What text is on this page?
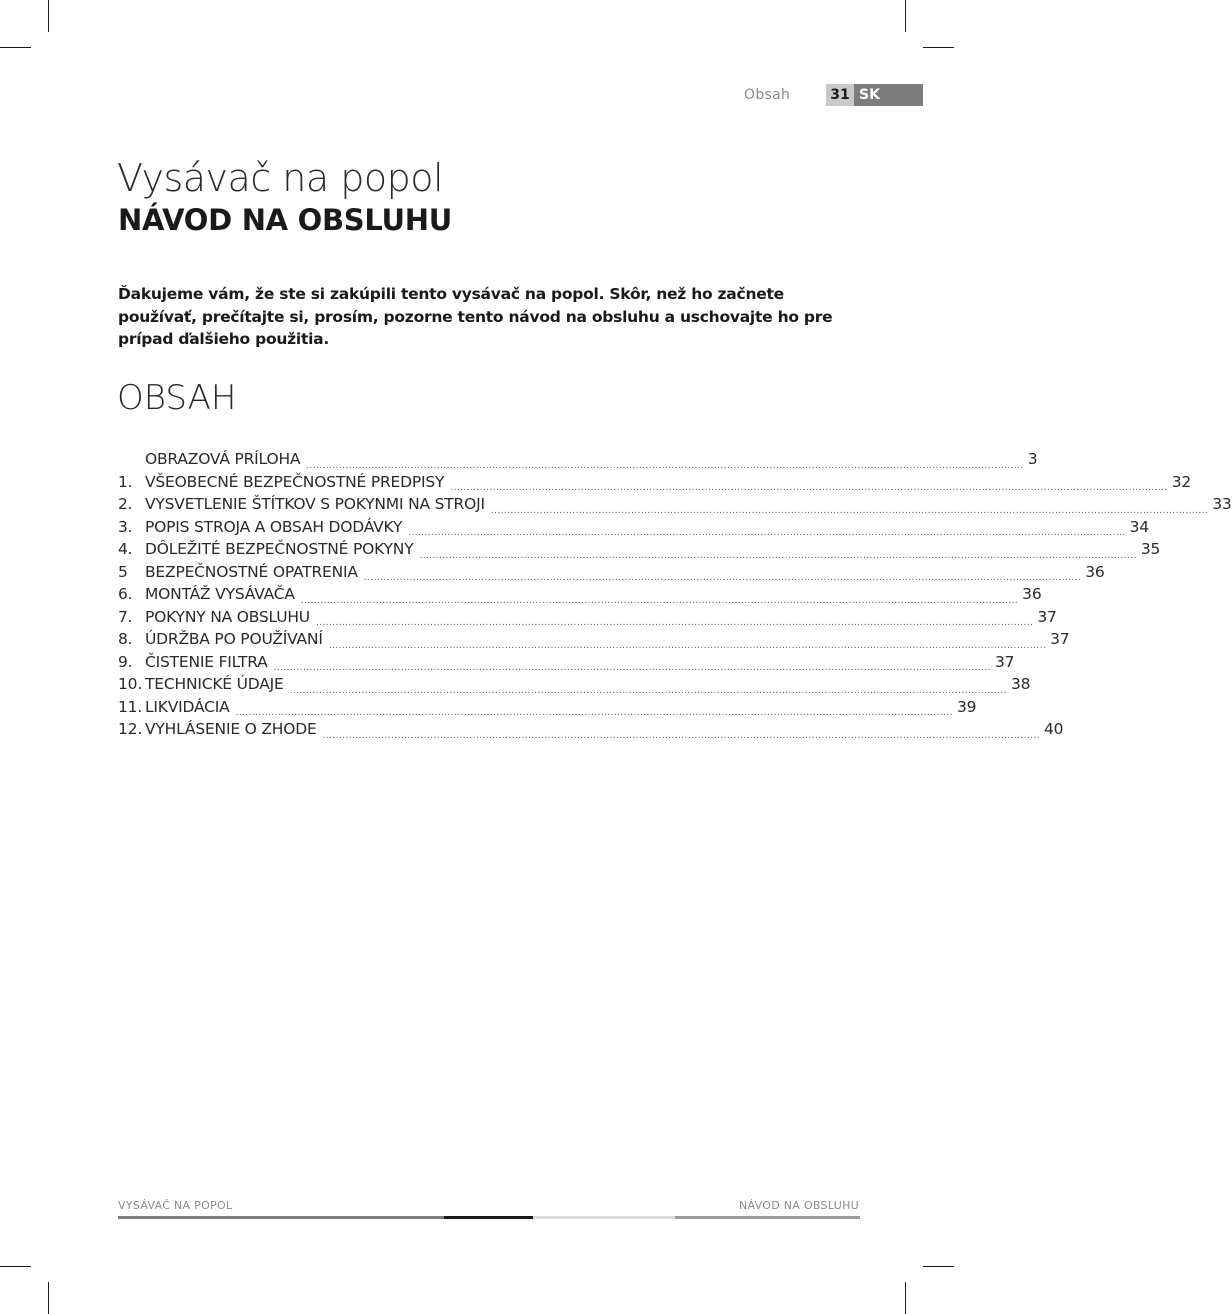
Obsah	31 SK
Vysávač na popol
NÁVOD NA OBSLUHU
Ďakujeme vám, že ste si zakúpili tento vysávač na popol. Skôr, než ho začnete používať, prečítajte si, prosím, pozorne tento návod na obsluhu a uschovajte ho pre prípad ďalšieho použitia.
OBSAH
OBRAZOVÁ PRÍLOHA ............................................................................................................................................................................................................................ 3
1. VŠEOBECNÉ BEZPEČNOSTNÉ PREDPISY ............................................................................................................................................................................................................................ 32
2. VYSVETLENIE ŠTÍTKOV S POKYNMI NA STROJI ............................................................................................................................................................................................................................ 33
3. POPIS STROJA A OBSAH DODÁVKY ............................................................................................................................................................................................................................ 34
4. DÔLEŽITÉ BEZPEČNOSTNÉ POKYNY ............................................................................................................................................................................................................................ 35
5	BEZPEČNOSTNÉ OPATRENIA ............................................................................................................................................................................................................................ 36
6. MONTÁŽ VYSÁVAČA ............................................................................................................................................................................................................................ 36
7. POKYNY NA OBSLUHU ............................................................................................................................................................................................................................ 37
8. ÚDRŽBA PO POUŽÍVANÍ ............................................................................................................................................................................................................................ 37
9. ČISTENIE FILTRA ............................................................................................................................................................................................................................ 37
10. TECHNICKÉ ÚDAJE ............................................................................................................................................................................................................................ 38
11. LIKVIDÁCIA ............................................................................................................................................................................................................................ 39
12. VYHLÁSENIE O ZHODE ............................................................................................................................................................................................................................ 40
VYSÁVAČ NA POPOL	NÁVOD NA OBSLUHU
